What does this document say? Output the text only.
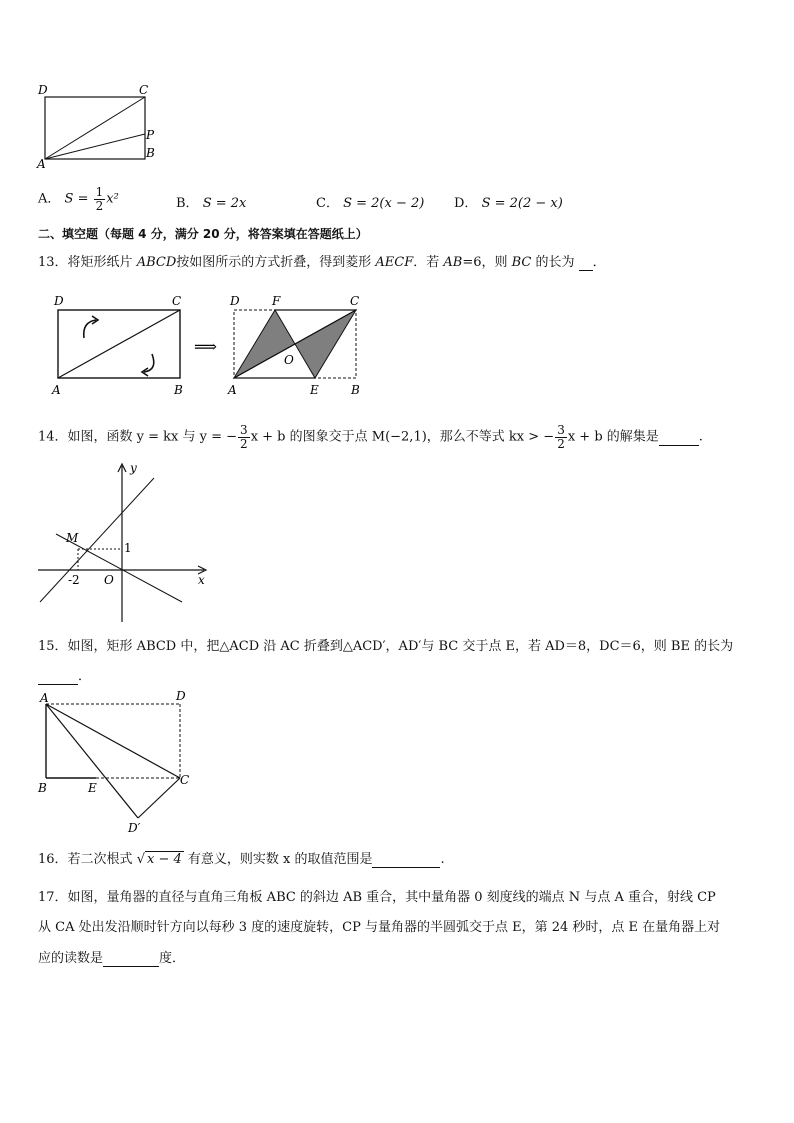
D	C
P
A
B
A． $S = \frac{1}{2} x^2$	B． S = 2x	C． S = 2(x − 2) D． S = 2(2 − x)
二、填空题（每题 4 分，满分 20 分，将答案填在答题纸上）
13．将矩形纸片 ABCD按如图所示的方式折叠，得到菱形 AECF．若 AB=6，则 BC 的长为  ．
D	C
A	B
⟹
D	F	C
O
A	E	B
14．如图，函数 y = kx 与 y = − $\frac{3}{2}$ x + b 的图象交于点 M(−2,1)，那么不等式 kx > − $\frac{3}{2}$ x + b 的解集是	.
y
x
M
1
-2 O
15．如图，矩形 ABCD 中，把△ACD 沿 AC 折叠到△ACD′，AD′与 BC 交于点 E，若 AD＝8，DC＝6，则 BE 的长为
．
A	D
B	E
C
D′
16．若二次根式 √ x − 4 有意义，则实数 x 的取值范围是	.
17．如图，量角器的直径与直角三角板 ABC 的斜边 AB 重合，其中量角器 0 刻度线的端点 N 与点 A 重合，射线 CP
从 CA 处出发沿顺时针方向以每秒 3 度的速度旋转，CP 与量角器的半圆弧交于点 E，第 24 秒时，点 E 在量角器上对
应的读数是	度．
